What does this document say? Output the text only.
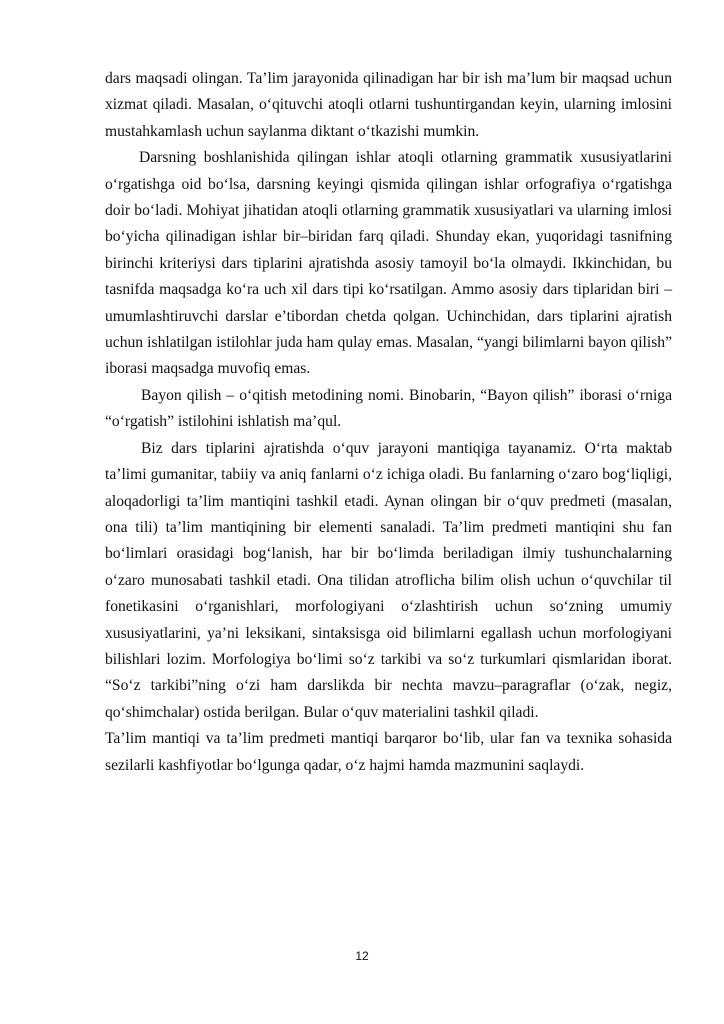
dars maqsadi olingan. Ta’lim jarayonida qilinadigan har bir ish ma’lum bir maqsad uchun xizmat qiladi. Masalan, o‘qituvchi atoqli otlarni tushuntirgandan keyin, ularning imlosini mustahkamlash uchun saylanma diktant o‘tkazishi mumkin.

Darsning boshlanishida qilingan ishlar atoqli otlarning grammatik xususiyatlarini o‘rgatishga oid bo‘lsa, darsning keyingi qismida qilingan ishlar orfografiya o‘rgatishga doir bo‘ladi. Mohiyat jihatidan atoqli otlarning grammatik xususiyatlari va ularning imlosi bo‘yicha qilinadigan ishlar bir–biridan farq qiladi. Shunday ekan, yuqoridagi tasnifning birinchi kriteriysi dars tiplarini ajratishda asosiy tamoyil bo‘la olmaydi. Ikkinchidan, bu tasnifda maqsadga ko‘ra uch xil dars tipi ko‘rsatilgan. Ammo asosiy dars tiplaridan biri – umumlashtiruvchi darslar e’tibordan chetda qolgan. Uchinchidan, dars tiplarini ajratish uchun ishlatilgan istilohlar juda ham qulay emas. Masalan, “yangi bilimlarni bayon qilish” iborasi maqsadga muvofiq emas.

Bayon qilish – o‘qitish metodining nomi. Binobarin, “Bayon qilish” iborasi o‘rniga “o‘rgatish” istilohini ishlatish ma’qul.

Biz dars tiplarini ajratishda o‘quv jarayoni mantiqiga tayanamiz. O‘rta maktab ta’limi gumanitar, tabiiy va aniq fanlarni o‘z ichiga oladi. Bu fanlarning o‘zaro bog‘liqligi, aloqadorligi ta’lim mantiqini tashkil etadi. Aynan olingan bir o‘quv predmeti (masalan, ona tili) ta’lim mantiqining bir elementi sanaladi. Ta’lim predmeti mantiqini shu fan bo‘limlari orasidagi bog‘lanish, har bir bo‘limda beriladigan ilmiy tushunchalarning o‘zaro munosabati tashkil etadi. Ona tilidan atroflicha bilim olish uchun o‘quvchilar til fonetikasini o‘rganishlari, morfologiyani o‘zlashtirish uchun so‘zning umumiy xususiyatlarini, ya’ni leksikani, sintaksisga oid bilimlarni egallash uchun morfologiyani bilishlari lozim. Morfologiya bo‘limi so‘z tarkibi va so‘z turkumlari qismlaridan iborat. “So‘z tarkibi”ning o‘zi ham darslikda bir nechta mavzu–paragraflar (o‘zak, negiz, qo‘shimchalar) ostida berilgan. Bular o‘quv materialini tashkil qiladi.

Ta’lim mantiqi va ta’lim predmeti mantiqi barqaror bo‘lib, ular fan va texnika sohasida sezilarli kashfiyotlar bo‘lgunga qadar, o‘z hajmi hamda mazmunini saqlaydi.

12
